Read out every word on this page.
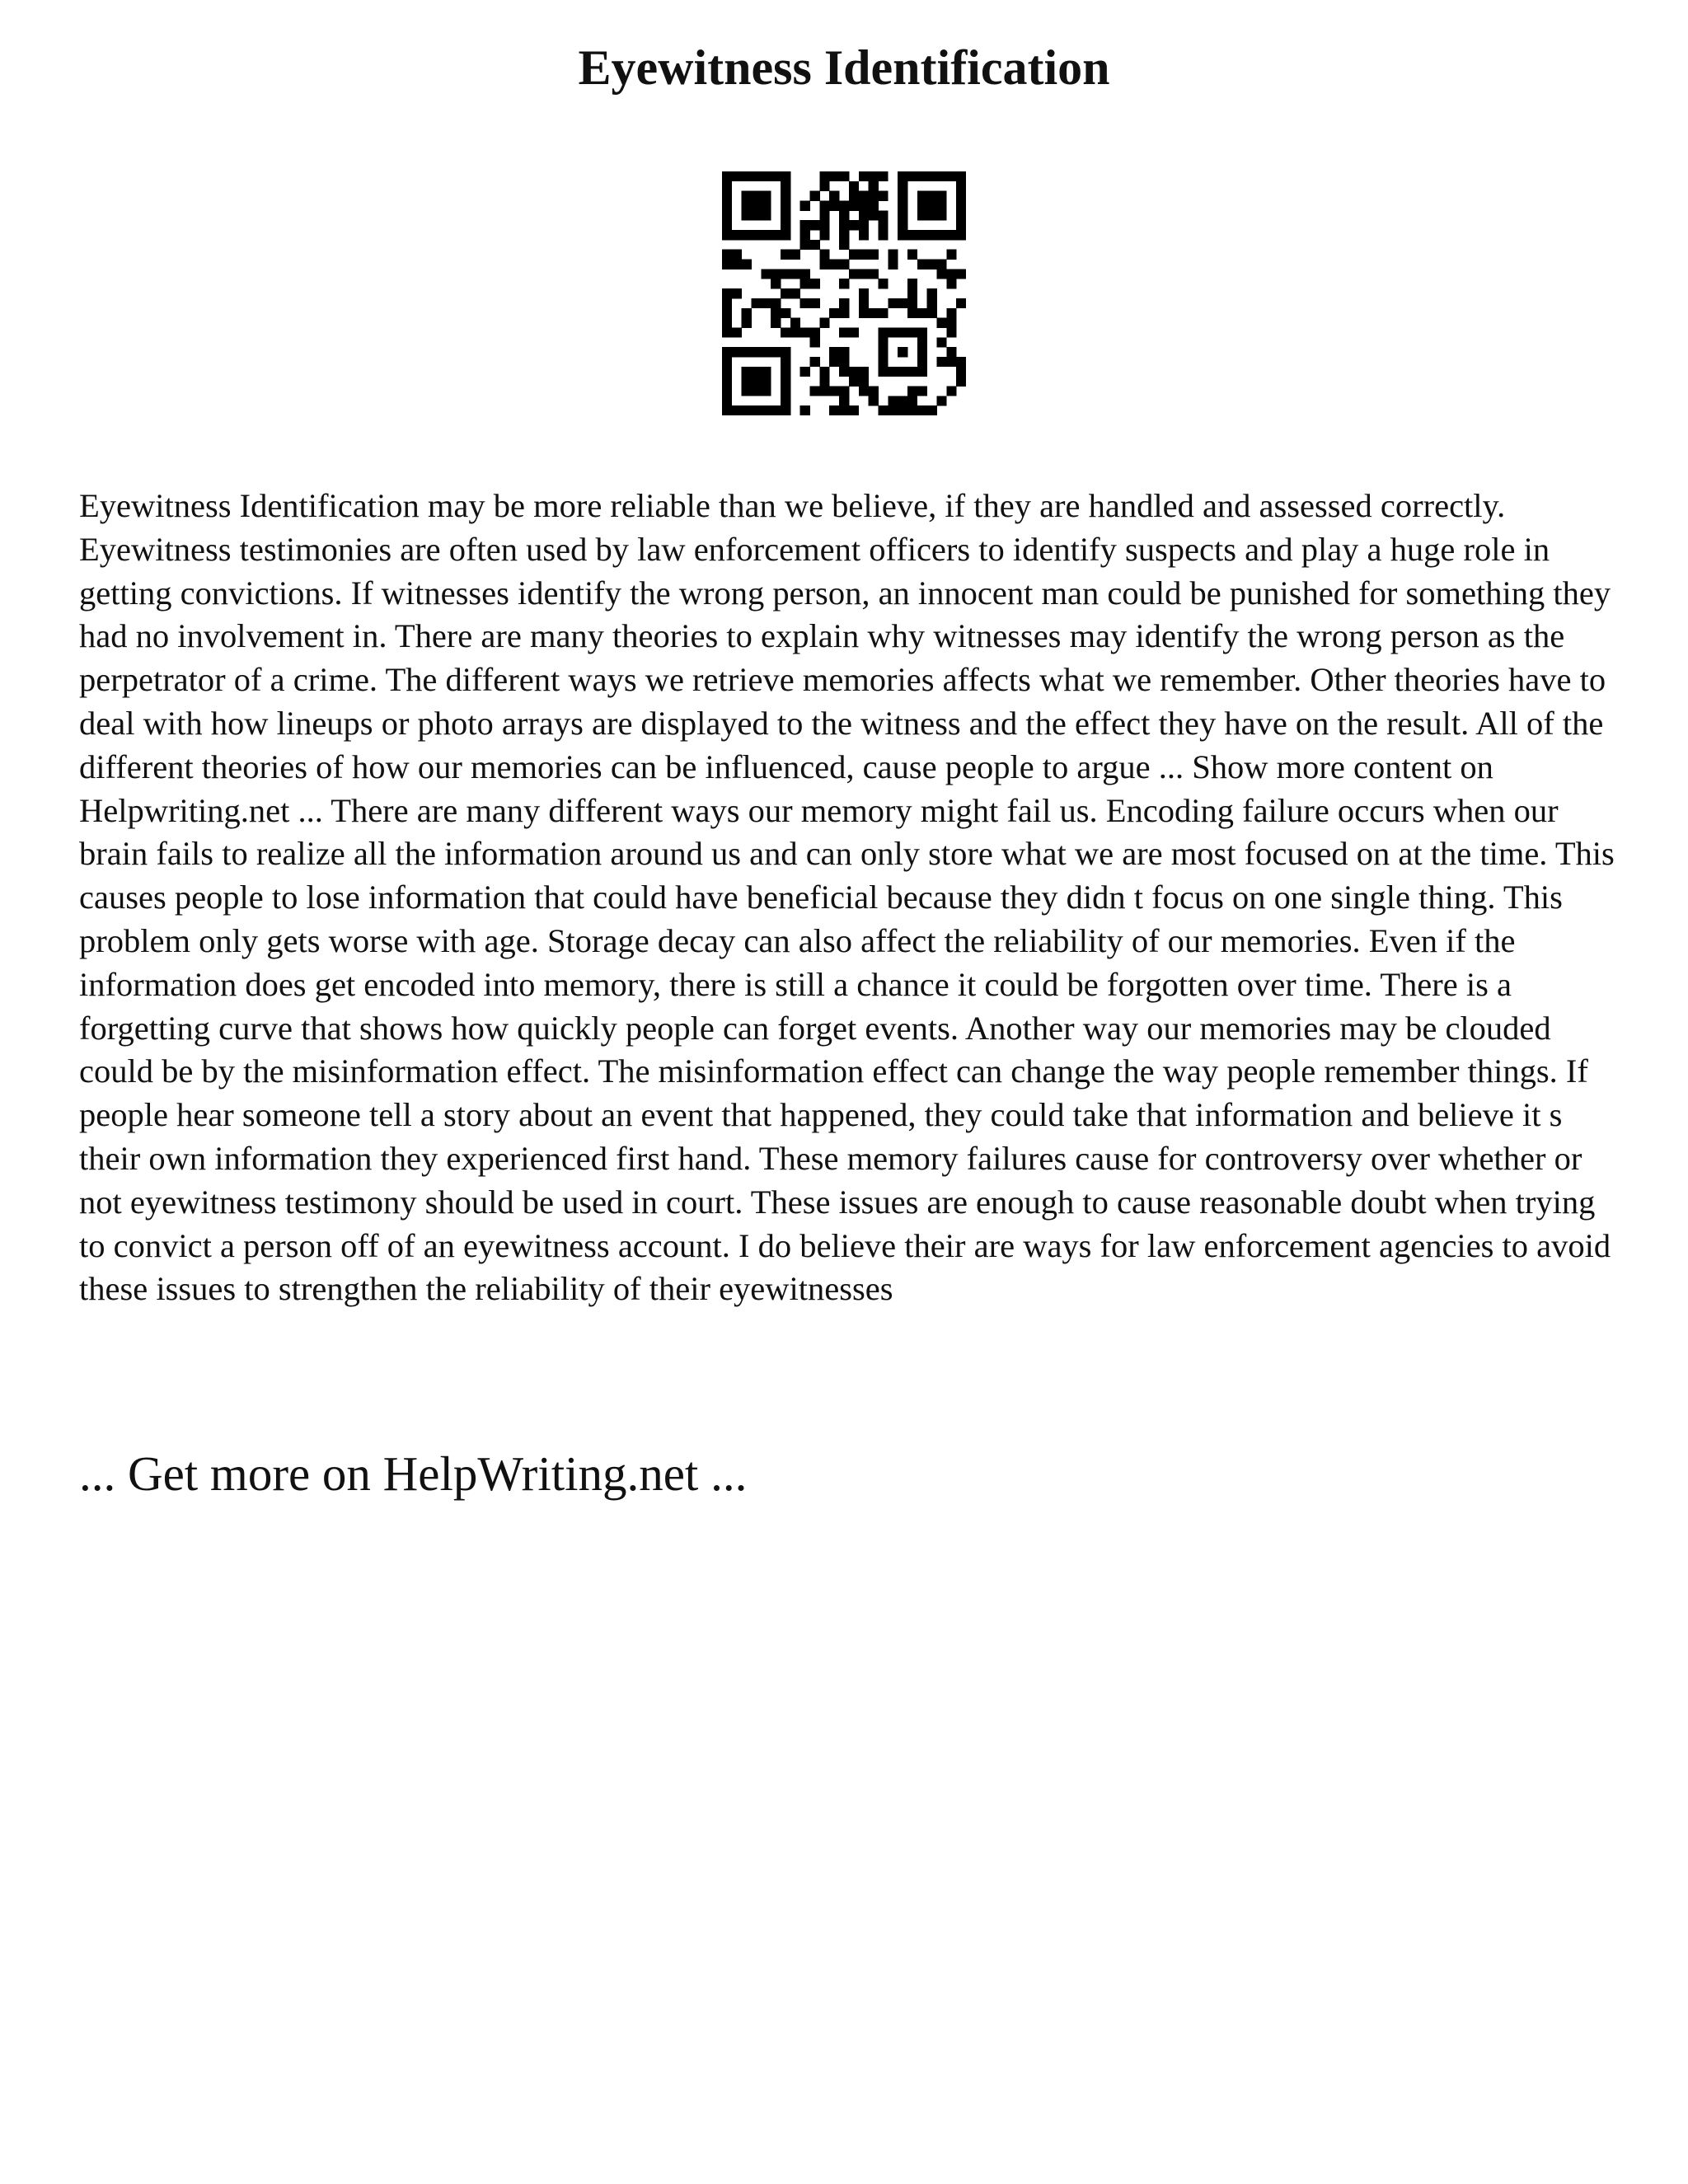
Eyewitness Identification

Eyewitness Identification may be more reliable than we believe, if they are handled and assessed correctly. Eyewitness testimonies are often used by law enforcement officers to identify suspects and play a huge role in getting convictions. If witnesses identify the wrong person, an innocent man could be punished for something they had no involvement in. There are many theories to explain why witnesses may identify the wrong person as the perpetrator of a crime. The different ways we retrieve memories affects what we remember. Other theories have to deal with how lineups or photo arrays are displayed to the witness and the effect they have on the result. All of the different theories of how our memories can be influenced, cause people to argue ... Show more content on Helpwriting.net ... There are many different ways our memory might fail us. Encoding failure occurs when our brain fails to realize all the information around us and can only store what we are most focused on at the time. This causes people to lose information that could have beneficial because they didn t focus on one single thing. This problem only gets worse with age. Storage decay can also affect the reliability of our memories. Even if the information does get encoded into memory, there is still a chance it could be forgotten over time. There is a forgetting curve that shows how quickly people can forget events. Another way our memories may be clouded could be by the misinformation effect. The misinformation effect can change the way people remember things. If people hear someone tell a story about an event that happened, they could take that information and believe it s their own information they experienced first hand. These memory failures cause for controversy over whether or not eyewitness testimony should be used in court. These issues are enough to cause reasonable doubt when trying to convict a person off of an eyewitness account. I do believe their are ways for law enforcement agencies to avoid these issues to strengthen the reliability of their eyewitnesses

... Get more on HelpWriting.net ...
